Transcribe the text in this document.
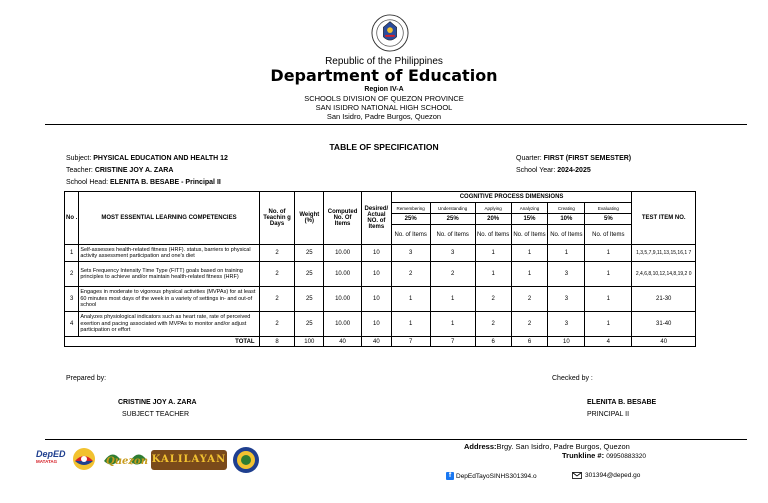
Republic of the Philippines
Department of Education
Region IV-A
SCHOOLS DIVISION OF QUEZON PROVINCE
SAN ISIDRO NATIONAL HIGH SCHOOL
San Isidro, Padre Burgos, Quezon
TABLE OF SPECIFICATION
Subject: PHYSICAL EDUCATION AND HEALTH 12
Teacher: CRISTINE JOY A. ZARA
School Head: ELENITA B. BESABE - Principal II
Quarter: FIRST (FIRST SEMESTER)
School Year: 2024-2025
No .	MOST ESSENTIAL LEARNING COMPETENCIES	No. of Teachin g Days	Weight (%)	Computed No. Of Items	Desired/ Actual NO. of Items	COGNITIVE PROCESS DIMENSIONS						TEST ITEM NO.
						Remembering	Understanding	Applying	Analyzing	Creating	Evaluating	
						25%	25%	20%	15%	10%	5%	
						No. of Items	No. of Items	No. of Items	No. of Items	No. of Items	No. of Items	
1	Self-assesses health-related fitness (HRF). status, barriers to physical activity assessment participation and one's diet	2	25	10.00	10	3	3	1	1	1	1	1,3,5,7,9,11,13,15,16,1 7
2	Sets Frequency Intensity Time Type (FITT) goals based on training principles to achieve and/or maintain health-related fitness (HRF)	2	25	10.00	10	2	2	1	1	3	1	2,4,6,8,10,12,14,8,19,2 0
3	Engages in moderate to vigorous physical activities (MVPAs) for at least 60 minutes most days of the week in a variety of settings in- and out-of school	2	25	10.00	10	1	1	2	2	3	1	21-30
4	Analyzes physiological indicators such as heart rate, rate of perceived exertion and pacing associated with MVPAs to monitor and/or adjust participation or effort	2	25	10.00	10	1	1	2	2	3	1	31-40
TOTAL		8	100	40	40	7	7	6	6	10	4	40
Prepared by:
CRISTINE JOY A. ZARA
SUBJECT TEACHER
Checked by :
ELENITA B. BESABE
PRINCIPAL II
DepED
MATATAG	Quezon KALILAYAN
Address:Brgy. San Isidro, Padre Burgos, Quezon
Trunkline #: 09950883320
f DepEdTayoSINHS301394.o	301394@deped.go
